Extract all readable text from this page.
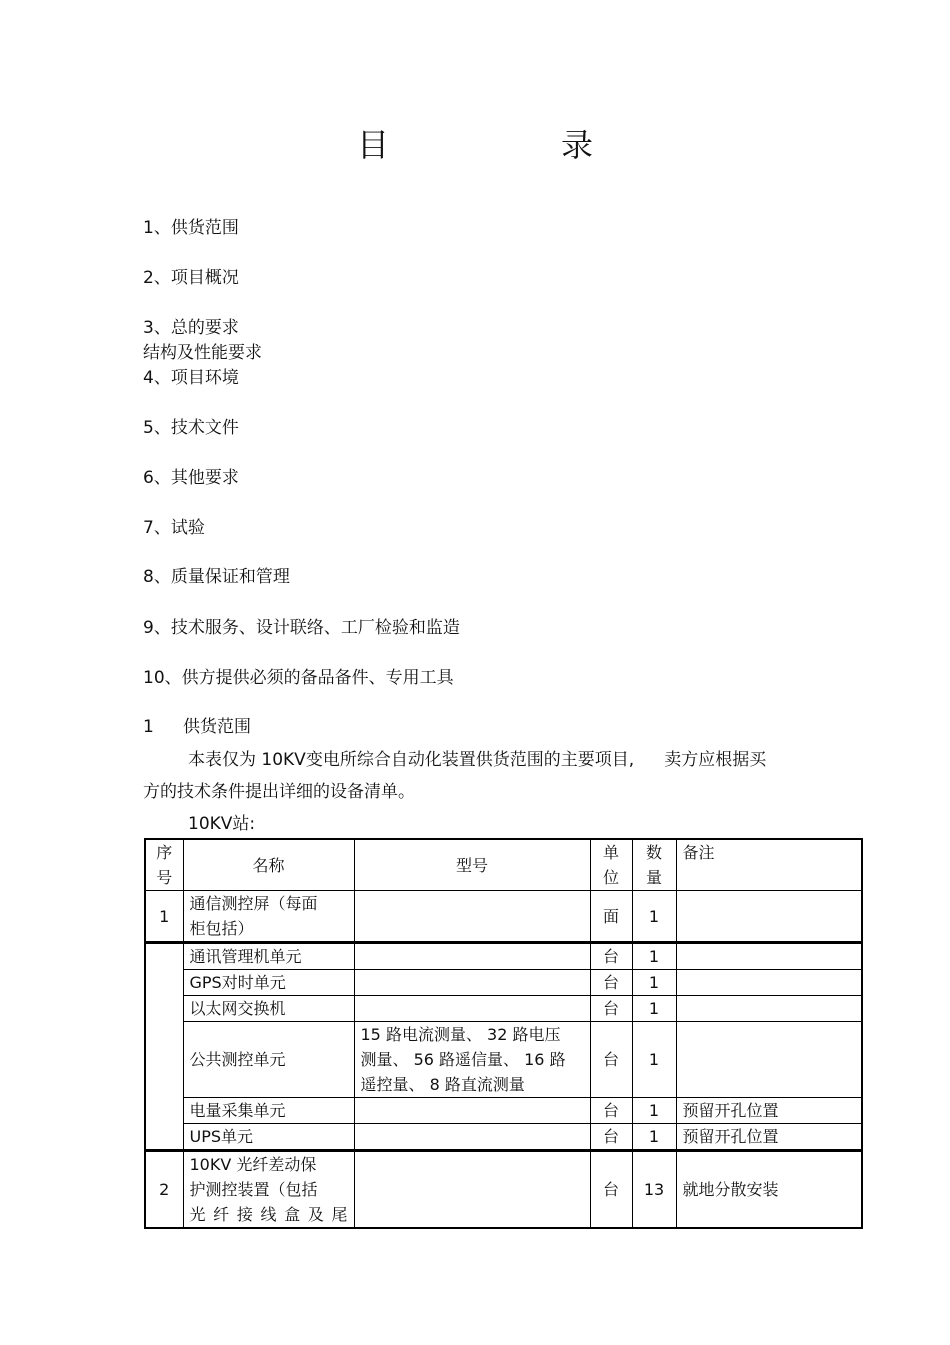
目　录
1、供货范围
2、项目概况
3、总的要求
结构及性能要求
4、项目环境
5、技术文件
6、其他要求
7、试验
8、质量保证和管理
9、技术服务、设计联络、工厂检验和监造
10、供方提供必须的备品备件、专用工具
1 供货范围
本表仅为 10KV变电所综合自动化装置供货范围的主要项目, 卖方应根据买
方的技术条件提出详细的设备清单。
10KV站:
序
号	名称	型号	单
位	数
量	备注
1	通信测控屏（每面
柜包括）		面	1	
	通讯管理机单元		台	1	
	GPS对时单元		台	1	
	以太网交换机		台	1	
	公共测控单元	15 路电流测量、 32 路电压
测量、 56 路遥信量、 16 路
遥控量、 8 路直流测量	台	1	
	电量采集单元		台	1	预留开孔位置
	UPS单元		台	1	预留开孔位置
2	10KV 光纤差动保
护测控装置（包括

光纤接线盒及尾		台	13	就地分散安装
